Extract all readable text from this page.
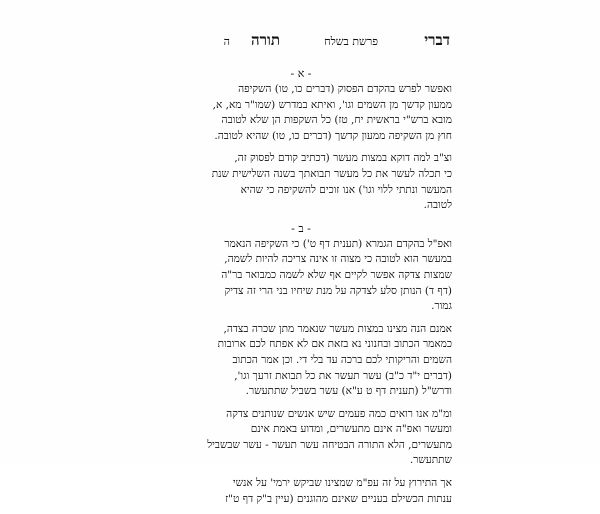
דברי
פרשת בשלח
תורה
ה
- א -

ואפשר לפרש בהקדם הפסוק (דברים כו, טו) השקיפה

ממעון קדשך מן השמים וגו', ואיתא במדרש (שמו"ר מא, א,

מובא ברש"י בראשית יח, טז) כל השקפות הן שלא לטובה

חוץ מן השקיפה ממעון קדשך (דברים כו, טו) שהיא לטובה.

וצ"ב למה דוקא במצות מעשר (דכתיב קודם לפסוק זה,

כי תכלה לעשר את כל מעשר תבואתך בשנה השלישית שנת

המעשר ונתתי ללוי וגו') אנו זוכים להשקיפה כי שהיא

לטובה.

- ב -

ואפ"ל בהקדם הגמרא (תענית דף ט') כי השקיפה הנאמר

במעשר הוא לטובה כי מצוה זו אינה צריכה להיות לשמה,

שמצות צדקה אפשר לקיים אף שלא לשמה כמבואר בר"ה

(דף ד) הנותן סלע לצדקה על מנת שיחיו בני הרי זה צדיק

גמור.

אמנם הנה מצינו במצות מעשר שנאמר מתן שכרה בצדה,

כמאמר הכתוב ובחנוני נא בזאת אם לא אפתח לכם ארובות

השמים והריקותי לכם ברכה עד בלי די. וכן אמר הכתוב

(דברים י"ד כ"ב) עשר תעשר את כל תבואת זרעך וגו',

ודרש"ל (תענית דף ט ע"א) עשר בשביל שתתעשר.

ומ"מ אנו רואים כמה פעמים שיש אנשים שנותנים צדקה

ומעשר ואפ"ה אינם מתעשרים, ומדוע באמת אינם

מתעשרים, הלא התורה הבטיחה עשר תעשר - עשר שבשביל

שתתעשר.

אך התירוץ על זה עפ"מ שמצינו שביקש ירמי' על אנשי

ענתות הכשילם בעניים שאינם מהוגנים (עיין ב"ק דף ט"ז
